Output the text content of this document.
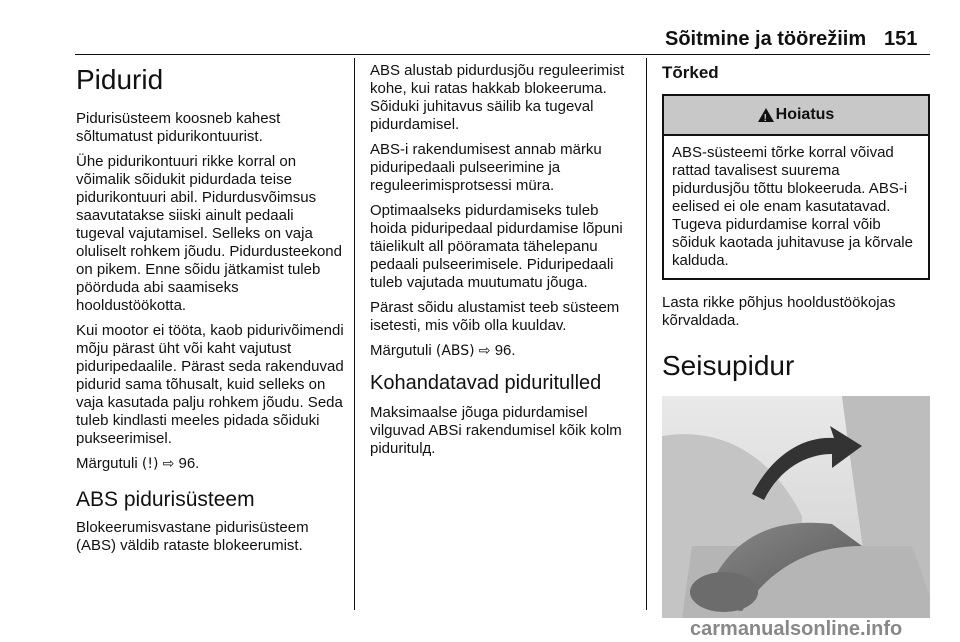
Sõitmine ja töörežiim 151
Pidurid

Pidurisüsteem koosneb kahest sõltumatust pidurikontuurist.

Ühe pidurikontuuri rikke korral on võimalik sõidukit pidurdada teise pidurikontuuri abil. Pidurdusvõimsus saavutatakse siiski ainult pedaali tugeval vajutamisel. Selleks on vaja oluliselt rohkem jõudu. Pidurdusteekond on pikem. Enne sõidu jätkamist tuleb pöörduda abi saamiseks hooldustöökotta.

Kui mootor ei tööta, kaob pidurivõimendi mõju pärast üht või kaht vajutust piduripedaalile. Pärast seda rakenduvad pidurid sama tõhusalt, kuid selleks on vaja kasutada palju rohkem jõudu. Seda tuleb kindlasti meeles pidada sõiduki pukseerimisel.

Märgutuli (!) ⇨ 96.

ABS pidurisüsteem

Blokeerumisvastane pidurisüsteem (ABS) väldib rataste blokeerumist.

ABS alustab pidurdusjõu reguleerimist kohe, kui ratas hakkab blokeeruma. Sõiduki juhitavus säilib ka tugeval pidurdamisel.

ABS-i rakendumisest annab märku piduripedaali pulseerimine ja reguleerimisprotsessi müra.

Optimaalseks pidurdamiseks tuleb hoida piduripedaal pidurdamise lõpuni täielikult all pööramata tähelepanu pedaali pulseerimisele. Piduripedaali tuleb vajutada muutumatu jõuga.

Pärast sõidu alustamist teeb süsteem isetesti, mis võib olla kuuldav.

Märgutuli (ABS) ⇨ 96.

Kohandatavad piduritulled

Maksimaalse jõuga pidurdamisel vilguvad ABSi rakendumisel kõik kolm piduritulд.

Tõrked
!
Hoiatus
ABS-süsteemi tõrke korral võivad rattad tavalisest suurema pidurdusjõu tõttu blokeeruda. ABS-i eelised ei ole enam kasutatavad. Tugeva pidurdamise korral võib sõiduk kaotada juhitavuse ja kõrvale kalduda.

Lasta rikke põhjus hooldustöökojas kõrvaldada.

Seisupidur
carmanualsonline.info
